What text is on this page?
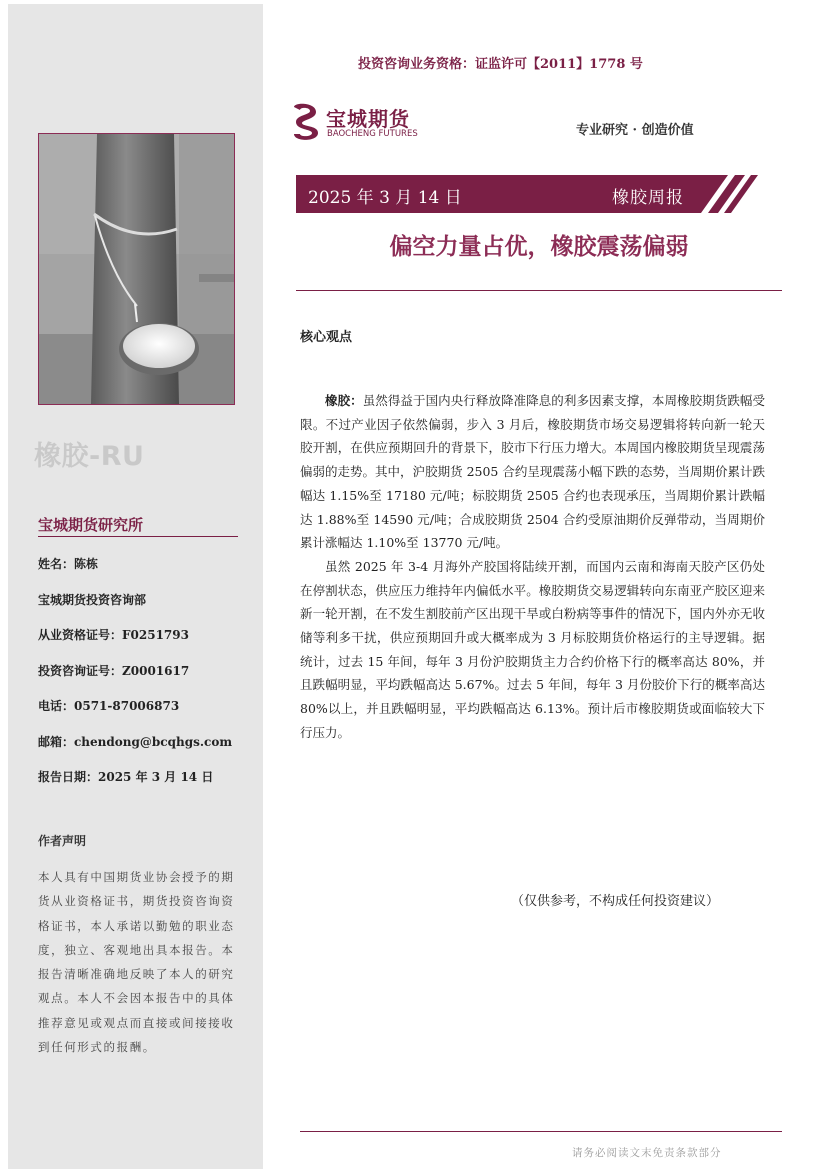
橡胶-RU
宝城期货研究所
姓名：陈栋
宝城期货投资咨询部
从业资格证号：F0251793
投资咨询证号：Z0001617
电话：0571-87006873
邮箱：chendong@bcqhgs.com
报告日期：2025 年 3 月 14 日
作者声明
本人具有中国期货业协会授予的期货从业资格证书，期货投资咨询资格证书，本人承诺以勤勉的职业态度，独立、客观地出具本报告。本报告清晰准确地反映了本人的研究观点。本人不会因本报告中的具体推荐意见或观点而直接或间接接收到任何形式的报酬。
投资咨询业务资格：证监许可【2011】1778 号
宝城期货
BAOCHENG FUTURES	专业研究 · 创造价值
2025 年 3 月 14 日	橡胶周报
偏空力量占优，橡胶震荡偏弱
核心观点

橡胶：虽然得益于国内央行释放降准降息的利多因素支撑，本周橡胶期货跌幅受限。不过产业因子依然偏弱，步入 3 月后，橡胶期货市场交易逻辑将转向新一轮天胶开割，在供应预期回升的背景下，胶市下行压力增大。本周国内橡胶期货呈现震荡偏弱的走势。其中，沪胶期货 2505 合约呈现震荡小幅下跌的态势，当周期价累计跌幅达 1.15%至 17180 元/吨；标胶期货 2505 合约也表现承压，当周期价累计跌幅达 1.88%至 14590 元/吨；合成胶期货 2504 合约受原油期价反弹带动，当周期价累计涨幅达 1.10%至 13770 元/吨。

虽然 2025 年 3-4 月海外产胶国将陆续开割，而国内云南和海南天胶产区仍处在停割状态，供应压力维持年内偏低水平。橡胶期货交易逻辑转向东南亚产胶区迎来新一轮开割，在不发生割胶前产区出现干旱或白粉病等事件的情况下，国内外亦无收储等利多干扰，供应预期回升或大概率成为 3 月标胶期货价格运行的主导逻辑。据统计，过去 15 年间，每年 3 月份沪胶期货主力合约价格下行的概率高达 80%，并且跌幅明显，平均跌幅高达 5.67%。过去 5 年间，每年 3 月份胶价下行的概率高达 80%以上，并且跌幅明显，平均跌幅高达 6.13%。预计后市橡胶期货或面临较大下行压力。

（仅供参考，不构成任何投资建议）
请务必阅读文末免责条款部分
